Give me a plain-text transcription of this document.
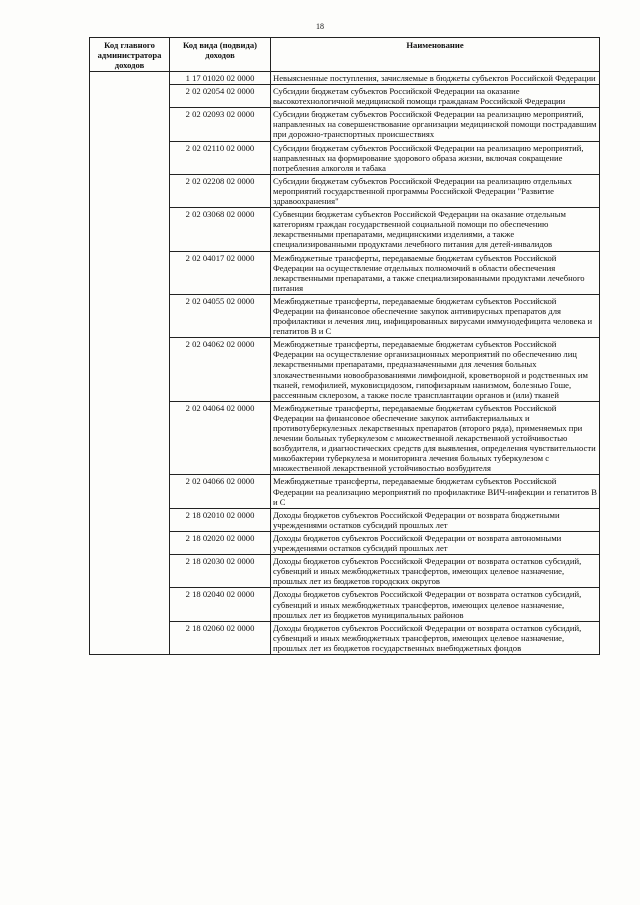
18
Код главного администратора доходов	Код вида (подвида) доходов	Наименование
	1 17 01020 02 0000	Невыясненные поступления, зачисляемые в бюджеты субъектов Российской Федерации
	2 02 02054 02 0000	Субсидии бюджетам субъектов Российской Федерации на оказание высокотехнологичной медицинской помощи гражданам Российской Федерации
	2 02 02093 02 0000	Субсидии бюджетам субъектов Российской Федерации на реализацию мероприятий, направленных на совершенствование организации медицинской помощи пострадавшим при дорожно-транспортных происшествиях
	2 02 02110 02 0000	Субсидии бюджетам субъектов Российской Федерации на реализацию мероприятий, направленных на формирование здорового образа жизни, включая сокращение потребления алкоголя и табака
	2 02 02208 02 0000	Субсидии бюджетам субъектов Российской Федерации на реализацию отдельных мероприятий государственной программы Российской Федерации "Развитие здравоохранения"
	2 02 03068 02 0000	Субвенции бюджетам субъектов Российской Федерации на оказание отдельным категориям граждан государственной социальной помощи по обеспечению лекарственными препаратами, медицинскими изделиями, а также специализированными продуктами лечебного питания для детей-инвалидов
	2 02 04017 02 0000	Межбюджетные трансферты, передаваемые бюджетам субъектов Российской Федерации на осуществление отдельных полномочий в области обеспечения лекарственными препаратами, а также специализированными продуктами лечебного питания
	2 02 04055 02 0000	Межбюджетные трансферты, передаваемые бюджетам субъектов Российской Федерации на финансовое обеспечение закупок антивирусных препаратов для профилактики и лечения лиц, инфицированных вирусами иммунодефицита человека и гепатитов В и С
	2 02 04062 02 0000	Межбюджетные трансферты, передаваемые бюджетам субъектов Российской Федерации на осуществление организационных мероприятий по обеспечению лиц лекарственными препаратами, предназначенными для лечения больных злокачественными новообразованиями лимфоидной, кроветворной и родственных им тканей, гемофилией, муковисцидозом, гипофизарным нанизмом, болезнью Гоше, рассеянным склерозом, а также после трансплантации органов и (или) тканей
	2 02 04064 02 0000	Межбюджетные трансферты, передаваемые бюджетам субъектов Российской Федерации на финансовое обеспечение закупок антибактериальных и противотуберкулезных лекарственных препаратов (второго ряда), применяемых при лечении больных туберкулезом с множественной лекарственной устойчивостью возбудителя, и диагностических средств для выявления, определения чувствительности микобактерии туберкулеза и мониторинга лечения больных туберкулезом с множественной лекарственной устойчивостью возбудителя
	2 02 04066 02 0000	Межбюджетные трансферты, передаваемые бюджетам субъектов Российской Федерации на реализацию мероприятий по профилактике ВИЧ-инфекции и гепатитов В и С
	2 18 02010 02 0000	Доходы бюджетов субъектов Российской Федерации от возврата бюджетными учреждениями остатков субсидий прошлых лет
	2 18 02020 02 0000	Доходы бюджетов субъектов Российской Федерации от возврата автономными учреждениями остатков субсидий прошлых лет
	2 18 02030 02 0000	Доходы бюджетов субъектов Российской Федерации от возврата остатков субсидий, субвенций и иных межбюджетных трансфертов, имеющих целевое назначение, прошлых лет из бюджетов городских округов
	2 18 02040 02 0000	Доходы бюджетов субъектов Российской Федерации от возврата остатков субсидий, субвенций и иных межбюджетных трансфертов, имеющих целевое назначение, прошлых лет из бюджетов муниципальных районов
	2 18 02060 02 0000	Доходы бюджетов субъектов Российской Федерации от возврата остатков субсидий, субвенций и иных межбюджетных трансфертов, имеющих целевое назначение, прошлых лет из бюджетов государственных внебюджетных фондов
